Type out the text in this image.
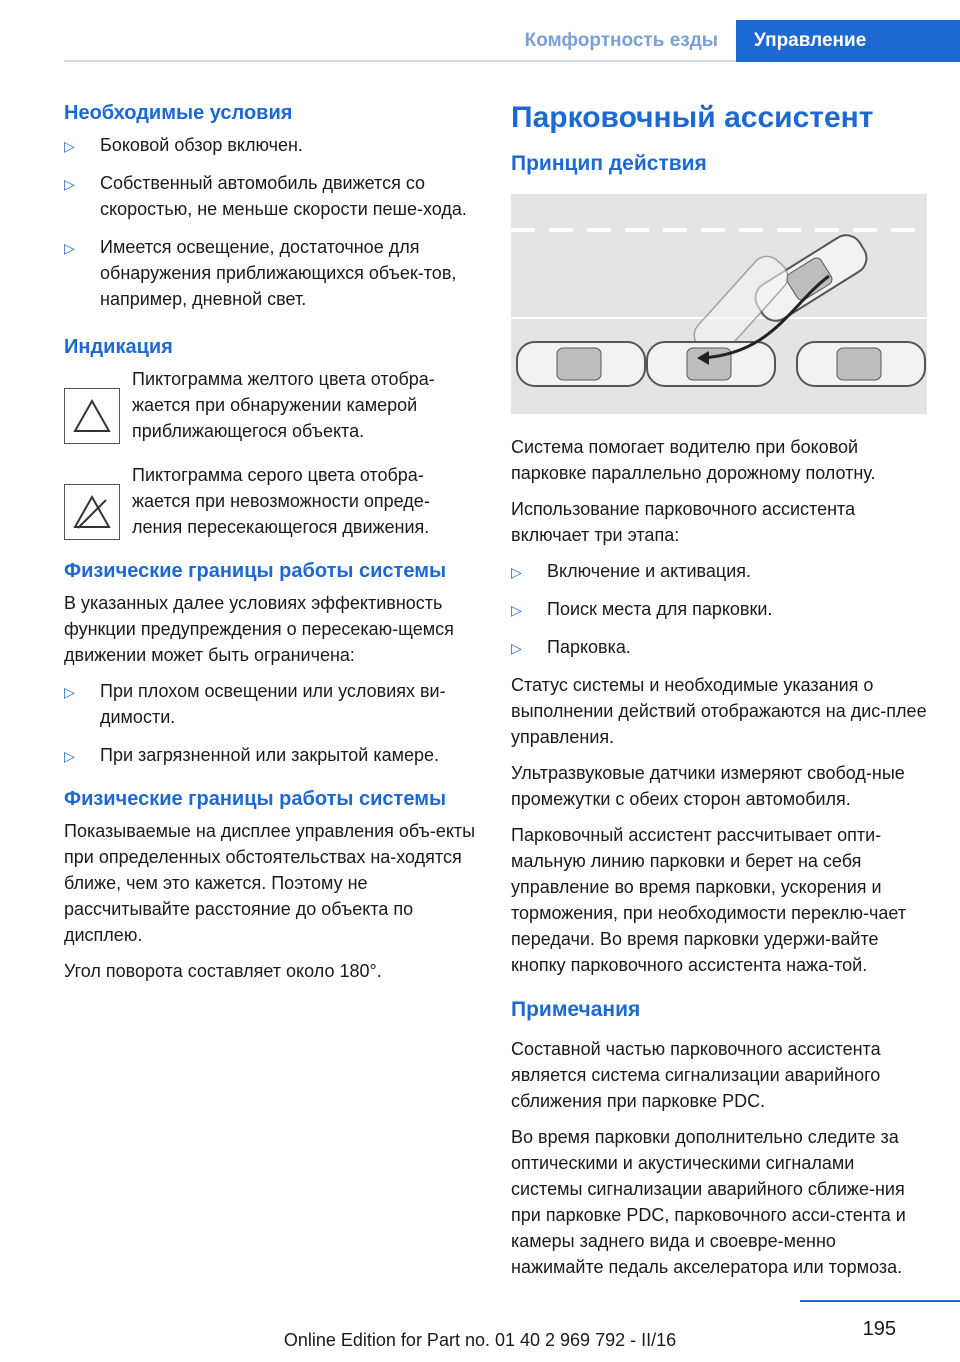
Комфортность езды	Управление
Необходимые условия
▷ Боковой обзор включен.
▷ Собственный автомобиль движется со скоростью, не меньше скорости пеше-хода.
▷ Имеется освещение, достаточное для обнаружения приближающихся объек-тов, например, дневной свет.
Индикация
Пиктограмма желтого цвета отобра-жается при обнаружении камерой приближающегося объекта.
Пиктограмма серого цвета отобра-жается при невозможности опреде-ления пересекающегося движения.
Физические границы работы системы
В указанных далее условиях эффективность функции предупреждения о пересекаю-щемся движении может быть ограничена:
▷ При плохом освещении или условиях ви-димости.
▷ При загрязненной или закрытой камере.
Физические границы работы системы
Показываемые на дисплее управления объ-екты при определенных обстоятельствах на-ходятся ближе, чем это кажется. Поэтому не рассчитывайте расстояние до объекта по дисплею.
Угол поворота составляет около 180°.
Парковочный ассистент
Принцип действия
Система помогает водителю при боковой парковке параллельно дорожному полотну.
Использование парковочного ассистента включает три этапа:
▷ Включение и активация.
▷ Поиск места для парковки.
▷ Парковка.
Статус системы и необходимые указания о выполнении действий отображаются на дис-плее управления.
Ультразвуковые датчики измеряют свобод-ные промежутки с обеих сторон автомобиля.
Парковочный ассистент рассчитывает опти-мальную линию парковки и берет на себя управление во время парковки, ускорения и торможения, при необходимости переклю-чает передачи. Во время парковки удержи-вайте кнопку парковочного ассистента нажа-той.
Примечания
Составной частью парковочного ассистента является система сигнализации аварийного сближения при парковке PDC.
Во время парковки дополнительно следите за оптическими и акустическими сигналами системы сигнализации аварийного сближе-ния при парковке PDC, парковочного асси-стента и камеры заднего вида и своевре-менно нажимайте педаль акселератора или тормоза.
195
Online Edition for Part no. 01 40 2 969 792 - II/16
